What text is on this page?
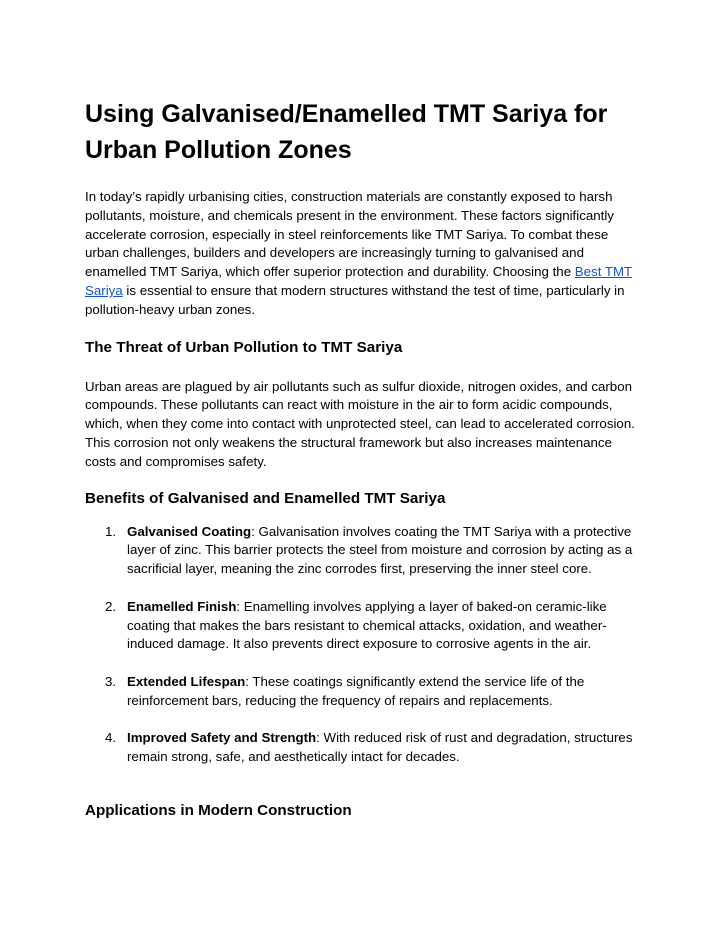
Using Galvanised/Enamelled TMT Sariya for Urban Pollution Zones

In today’s rapidly urbanising cities, construction materials are constantly exposed to harsh pollutants, moisture, and chemicals present in the environment. These factors significantly accelerate corrosion, especially in steel reinforcements like TMT Sariya. To combat these urban challenges, builders and developers are increasingly turning to galvanised and enamelled TMT Sariya, which offer superior protection and durability. Choosing the Best TMT Sariya is essential to ensure that modern structures withstand the test of time, particularly in pollution-heavy urban zones.

The Threat of Urban Pollution to TMT Sariya

Urban areas are plagued by air pollutants such as sulfur dioxide, nitrogen oxides, and carbon compounds. These pollutants can react with moisture in the air to form acidic compounds, which, when they come into contact with unprotected steel, can lead to accelerated corrosion. This corrosion not only weakens the structural framework but also increases maintenance costs and compromises safety.

Benefits of Galvanised and Enamelled TMT Sariya
1. Galvanised Coating: Galvanisation involves coating the TMT Sariya with a protective layer of zinc. This barrier protects the steel from moisture and corrosion by acting as a sacrificial layer, meaning the zinc corrodes first, preserving the inner steel core.
2. Enamelled Finish: Enamelling involves applying a layer of baked-on ceramic-like coating that makes the bars resistant to chemical attacks, oxidation, and weather-induced damage. It also prevents direct exposure to corrosive agents in the air.
3. Extended Lifespan: These coatings significantly extend the service life of the reinforcement bars, reducing the frequency of repairs and replacements.
4. Improved Safety and Strength: With reduced risk of rust and degradation, structures remain strong, safe, and aesthetically intact for decades.
Applications in Modern Construction
